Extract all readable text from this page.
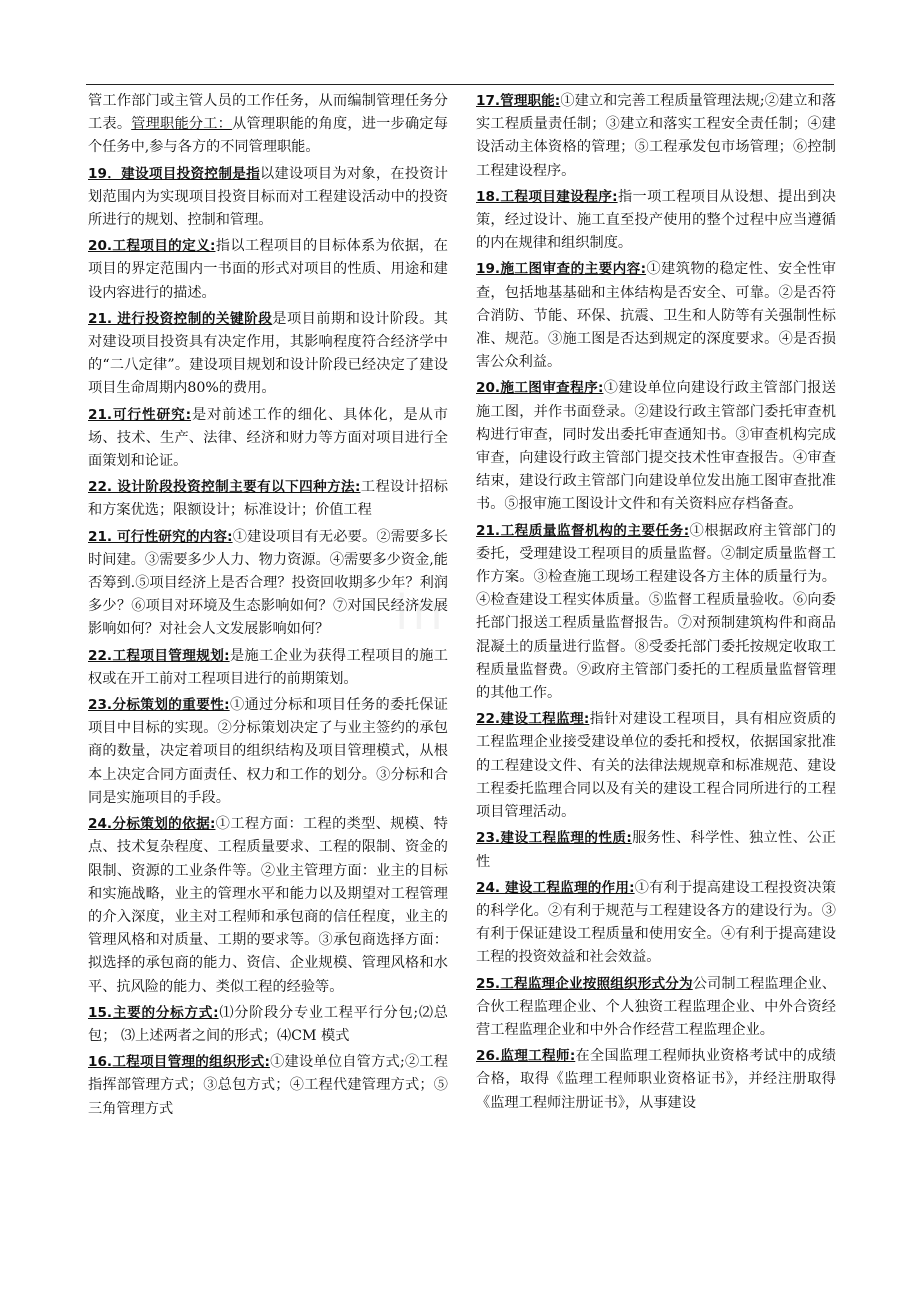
in

管工作部门或主管人员的工作任务，从而编制管理任务分工表。管理职能分工：从管理职能的角度，进一步确定每个任务中,参与各方的不同管理职能。

19．建设项目投资控制是指以建设项目为对象，在投资计划范围内为实现项目投资目标而对工程建设活动中的投资所进行的规划、控制和管理。

20.工程项目的定义:指以工程项目的目标体系为依据，在项目的界定范围内一书面的形式对项目的性质、用途和建设内容进行的描述。

21. 进行投资控制的关键阶段是项目前期和设计阶段。其对建设项目投资具有决定作用，其影响程度符合经济学中的“二八定律”。建设项目规划和设计阶段已经决定了建设项目生命周期内80%的费用。

21.可行性研究:是对前述工作的细化、具体化，是从市场、技术、生产、法律、经济和财力等方面对项目进行全面策划和论证。

22. 设计阶段投资控制主要有以下四种方法:工程设计招标和方案优选；限额设计；标准设计；价值工程

21. 可行性研究的内容:①建设项目有无必要。②需要多长时间建。③需要多少人力、物力资源。④需要多少资金,能否筹到.⑤项目经济上是否合理？投资回收期多少年？利润多少？⑥项目对环境及生态影响如何？⑦对国民经济发展影响如何？对社会人文发展影响如何？

22.工程项目管理规划:是施工企业为获得工程项目的施工权或在开工前对工程项目进行的前期策划。

23.分标策划的重要性:①通过分标和项目任务的委托保证项目中目标的实现。②分标策划决定了与业主签约的承包商的数量，决定着项目的组织结构及项目管理模式，从根本上决定合同方面责任、权力和工作的划分。③分标和合同是实施项目的手段。

24.分标策划的依据:①工程方面：工程的类型、规模、特点、技术复杂程度、工程质量要求、工程的限制、资金的限制、资源的工业条件等。②业主管理方面：业主的目标和实施战略，业主的管理水平和能力以及期望对工程管理的介入深度，业主对工程师和承包商的信任程度，业主的管理风格和对质量、工期的要求等。③承包商选择方面：拟选择的承包商的能力、资信、企业规模、管理风格和水平、抗风险的能力、类似工程的经验等。

15.主要的分标方式:⑴分阶段分专业工程平行分包;⑵总包； ⑶上述两者之间的形式；⑷CM 模式

16.工程项目管理的组织形式:①建设单位自管方式;②工程指挥部管理方式；③总包方式；④工程代建管理方式；⑤三角管理方式

17.管理职能:①建立和完善工程质量管理法规;②建立和落实工程质量责任制；③建立和落实工程安全责任制；④建设活动主体资格的管理；⑤工程承发包市场管理；⑥控制工程建设程序。

18.工程项目建设程序:指一项工程项目从设想、提出到决策，经过设计、施工直至投产使用的整个过程中应当遵循的内在规律和组织制度。

19.施工图审查的主要内容:①建筑物的稳定性、安全性审查，包括地基基础和主体结构是否安全、可靠。②是否符合消防、节能、环保、抗震、卫生和人防等有关强制性标准、规范。③施工图是否达到规定的深度要求。④是否损害公众利益。

20.施工图审查程序:①建设单位向建设行政主管部门报送施工图，并作书面登录。②建设行政主管部门委托审查机构进行审查，同时发出委托审查通知书。③审查机构完成审查，向建设行政主管部门提交技术性审查报告。④审查结束，建设行政主管部门向建设单位发出施工图审查批准书。⑤报审施工图设计文件和有关资料应存档备查。

21.工程质量监督机构的主要任务:①根据政府主管部门的委托，受理建设工程项目的质量监督。②制定质量监督工作方案。③检查施工现场工程建设各方主体的质量行为。④检查建设工程实体质量。⑤监督工程质量验收。⑥向委托部门报送工程质量监督报告。⑦对预制建筑构件和商品混凝土的质量进行监督。⑧受委托部门委托按规定收取工程质量监督费。⑨政府主管部门委托的工程质量监督管理的其他工作。

22.建设工程监理:指针对建设工程项目，具有相应资质的工程监理企业接受建设单位的委托和授权，依据国家批准的工程建设文件、有关的法律法规规章和标准规范、建设工程委托监理合同以及有关的建设工程合同所进行的工程项目管理活动。

23.建设工程监理的性质:服务性、科学性、独立性、公正性

24. 建设工程监理的作用:①有利于提高建设工程投资决策的科学化。②有利于规范与工程建设各方的建设行为。③有利于保证建设工程质量和使用安全。④有利于提高建设工程的投资效益和社会效益。

25.工程监理企业按照组织形式分为公司制工程监理企业、合伙工程监理企业、个人独资工程监理企业、中外合资经营工程监理企业和中外合作经营工程监理企业。

26.监理工程师:在全国监理工程师执业资格考试中的成绩合格，取得《监理工程师职业资格证书》，并经注册取得《监理工程师注册证书》，从事建设
